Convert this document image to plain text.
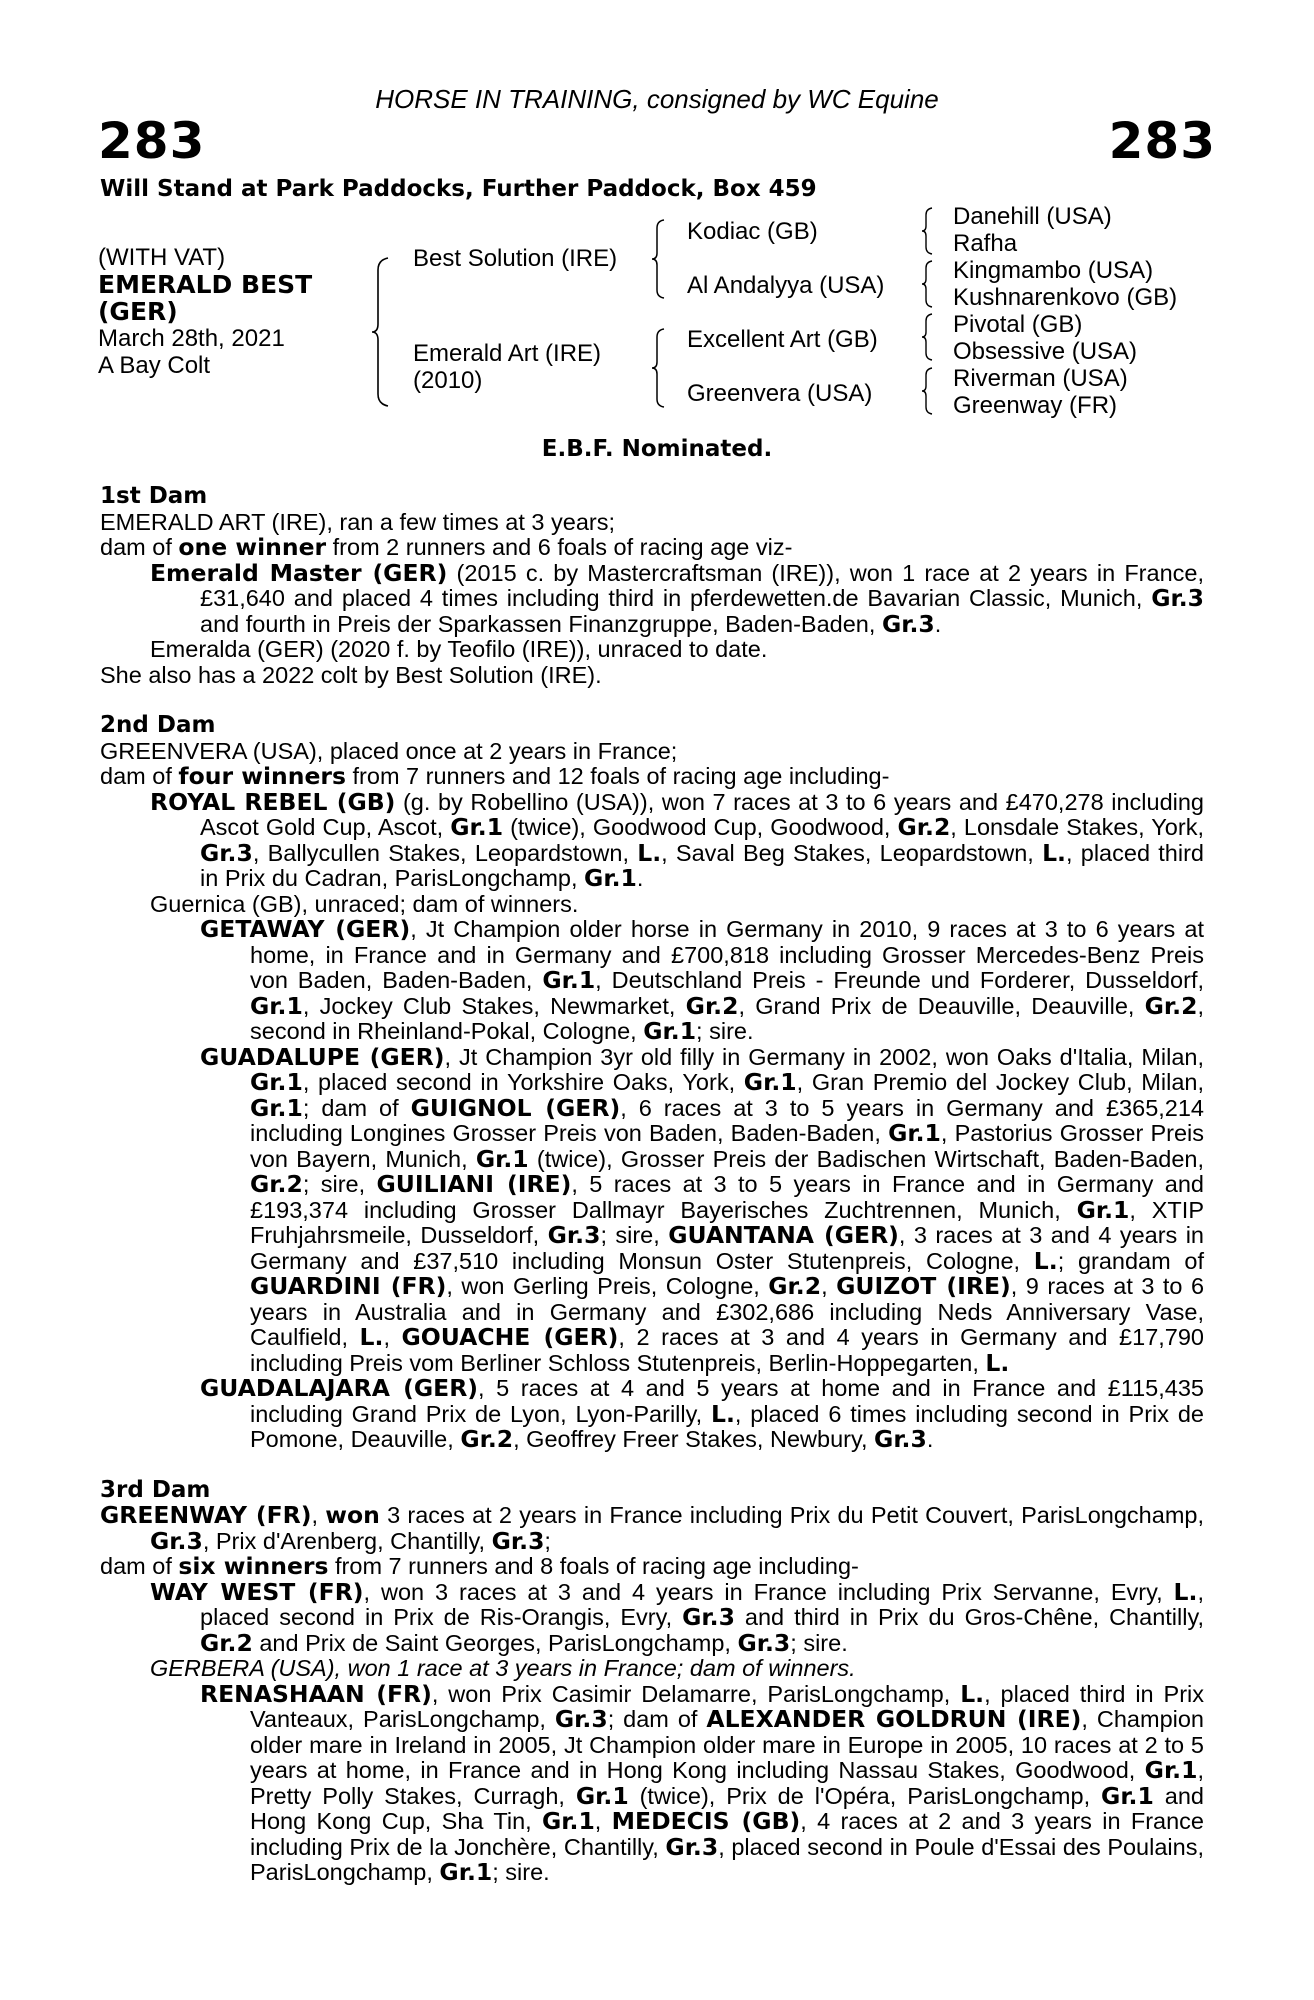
HORSE IN TRAINING, consigned by WC Equine
283	283
Will Stand at Park Paddocks, Further Paddock, Box 459
(WITH VAT)
EMERALD BEST
(GER)
March 28th, 2021
A Bay Colt
Best Solution (IRE)
Emerald Art (IRE)
(2010)
Kodiac (GB)
Al Andalyya (USA)
Excellent Art (GB)
Greenvera (USA)
Danehill (USA)
Rafha
Kingmambo (USA)
Kushnarenkovo (GB)
Pivotal (GB)
Obsessive (USA)
Riverman (USA)
Greenway (FR)
E.B.F. Nominated.

1st Dam

EMERALD ART (IRE), ran a few times at 3 years;

dam of one winner from 2 runners and 6 foals of racing age viz-

Emerald Master (GER) (2015 c. by Mastercraftsman (IRE)), won 1 race at 2 years in France, £31,640 and placed 4 times including third in pferdewetten.de Bavarian Classic, Munich, Gr.3 and fourth in Preis der Sparkassen Finanzgruppe, Baden-Baden, Gr.3.

Emeralda (GER) (2020 f. by Teofilo (IRE)), unraced to date.

She also has a 2022 colt by Best Solution (IRE).

2nd Dam

GREENVERA (USA), placed once at 2 years in France;

dam of four winners from 7 runners and 12 foals of racing age including-

ROYAL REBEL (GB) (g. by Robellino (USA)), won 7 races at 3 to 6 years and £470,278 including Ascot Gold Cup, Ascot, Gr.1 (twice), Goodwood Cup, Goodwood, Gr.2, Lonsdale Stakes, York, Gr.3, Ballycullen Stakes, Leopardstown, L., Saval Beg Stakes, Leopardstown, L., placed third in Prix du Cadran, ParisLongchamp, Gr.1.

Guernica (GB), unraced; dam of winners.

GETAWAY (GER), Jt Champion older horse in Germany in 2010, 9 races at 3 to 6 years at home, in France and in Germany and £700,818 including Grosser Mercedes-Benz Preis von Baden, Baden-Baden, Gr.1, Deutschland Preis - Freunde und Forderer, Dusseldorf, Gr.1, Jockey Club Stakes, Newmarket, Gr.2, Grand Prix de Deauville, Deauville, Gr.2, second in Rheinland-Pokal, Cologne, Gr.1; sire.

GUADALUPE (GER), Jt Champion 3yr old filly in Germany in 2002, won Oaks d'Italia, Milan, Gr.1, placed second in Yorkshire Oaks, York, Gr.1, Gran Premio del Jockey Club, Milan, Gr.1; dam of GUIGNOL (GER), 6 races at 3 to 5 years in Germany and £365,214 including Longines Grosser Preis von Baden, Baden-Baden, Gr.1, Pastorius Grosser Preis von Bayern, Munich, Gr.1 (twice), Grosser Preis der Badischen Wirtschaft, Baden-Baden, Gr.2; sire, GUILIANI (IRE), 5 races at 3 to 5 years in France and in Germany and £193,374 including Grosser Dallmayr Bayerisches Zuchtrennen, Munich, Gr.1, XTIP Fruhjahrsmeile, Dusseldorf, Gr.3; sire, GUANTANA (GER), 3 races at 3 and 4 years in Germany and £37,510 including Monsun Oster Stutenpreis, Cologne, L.; grandam of GUARDINI (FR), won Gerling Preis, Cologne, Gr.2, GUIZOT (IRE), 9 races at 3 to 6 years in Australia and in Germany and £302,686 including Neds Anniversary Vase, Caulfield, L., GOUACHE (GER), 2 races at 3 and 4 years in Germany and £17,790 including Preis vom Berliner Schloss Stutenpreis, Berlin-Hoppegarten, L.

GUADALAJARA (GER), 5 races at 4 and 5 years at home and in France and £115,435 including Grand Prix de Lyon, Lyon-Parilly, L., placed 6 times including second in Prix de Pomone, Deauville, Gr.2, Geoffrey Freer Stakes, Newbury, Gr.3.

3rd Dam

GREENWAY (FR), won 3 races at 2 years in France including Prix du Petit Couvert, ParisLongchamp, Gr.3, Prix d'Arenberg, Chantilly, Gr.3;

dam of six winners from 7 runners and 8 foals of racing age including-

WAY WEST (FR), won 3 races at 3 and 4 years in France including Prix Servanne, Evry, L., placed second in Prix de Ris-Orangis, Evry, Gr.3 and third in Prix du Gros-Chêne, Chantilly, Gr.2 and Prix de Saint Georges, ParisLongchamp, Gr.3; sire.

GERBERA (USA), won 1 race at 3 years in France; dam of winners.

RENASHAAN (FR), won Prix Casimir Delamarre, ParisLongchamp, L., placed third in Prix Vanteaux, ParisLongchamp, Gr.3; dam of ALEXANDER GOLDRUN (IRE), Champion older mare in Ireland in 2005, Jt Champion older mare in Europe in 2005, 10 races at 2 to 5 years at home, in France and in Hong Kong including Nassau Stakes, Goodwood, Gr.1, Pretty Polly Stakes, Curragh, Gr.1 (twice), Prix de l'Opéra, ParisLongchamp, Gr.1 and Hong Kong Cup, Sha Tin, Gr.1, MEDECIS (GB), 4 races at 2 and 3 years in France including Prix de la Jonchère, Chantilly, Gr.3, placed second in Poule d'Essai des Poulains, ParisLongchamp, Gr.1; sire.
